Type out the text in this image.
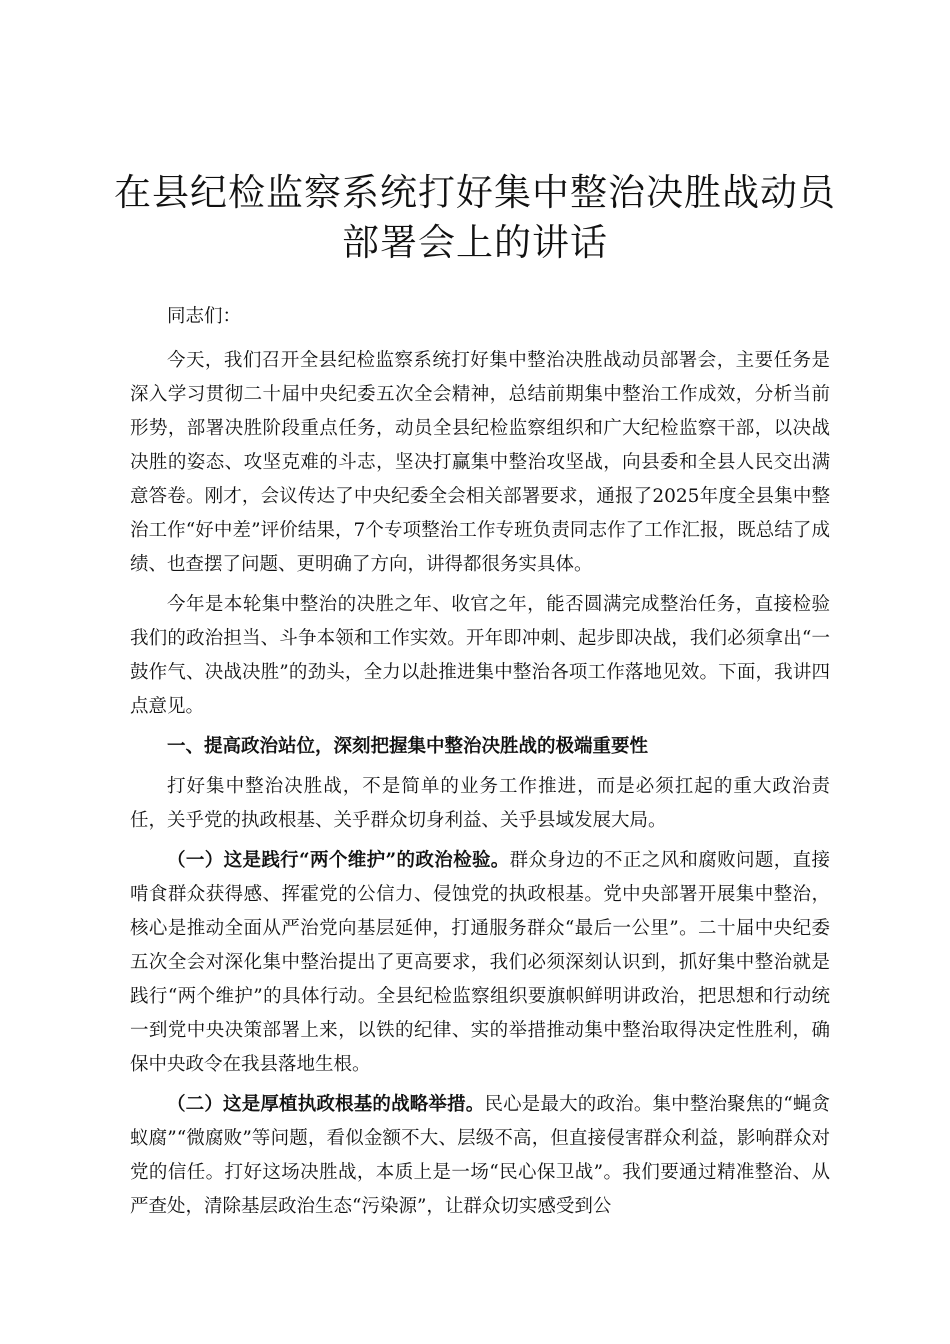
在县纪检监察系统打好集中整治决胜战动员部署会上的讲话

同志们：

今天，我们召开全县纪检监察系统打好集中整治决胜战动员部署会，主要任务是深入学习贯彻二十届中央纪委五次全会精神，总结前期集中整治工作成效，分析当前形势，部署决胜阶段重点任务，动员全县纪检监察组织和广大纪检监察干部，以决战决胜的姿态、攻坚克难的斗志，坚决打赢集中整治攻坚战，向县委和全县人民交出满意答卷。刚才，会议传达了中央纪委全会相关部署要求，通报了2025年度全县集中整治工作“好中差”评价结果，7个专项整治工作专班负责同志作了工作汇报，既总结了成绩、也查摆了问题、更明确了方向，讲得都很务实具体。

今年是本轮集中整治的决胜之年、收官之年，能否圆满完成整治任务，直接检验我们的政治担当、斗争本领和工作实效。开年即冲刺、起步即决战，我们必须拿出“一鼓作气、决战决胜”的劲头，全力以赴推进集中整治各项工作落地见效。下面，我讲四点意见。

一、提高政治站位，深刻把握集中整治决胜战的极端重要性

打好集中整治决胜战，不是简单的业务工作推进，而是必须扛起的重大政治责任，关乎党的执政根基、关乎群众切身利益、关乎县域发展大局。

（一）这是践行“两个维护”的政治检验。群众身边的不正之风和腐败问题，直接啃食群众获得感、挥霍党的公信力、侵蚀党的执政根基。党中央部署开展集中整治，核心是推动全面从严治党向基层延伸，打通服务群众“最后一公里”。二十届中央纪委五次全会对深化集中整治提出了更高要求，我们必须深刻认识到，抓好集中整治就是践行“两个维护”的具体行动。全县纪检监察组织要旗帜鲜明讲政治，把思想和行动统一到党中央决策部署上来，以铁的纪律、实的举措推动集中整治取得决定性胜利，确保中央政令在我县落地生根。

（二）这是厚植执政根基的战略举措。民心是最大的政治。集中整治聚焦的“蝇贪蚁腐”“微腐败”等问题，看似金额不大、层级不高，但直接侵害群众利益，影响群众对党的信任。打好这场决胜战，本质上是一场“民心保卫战”。我们要通过精准整治、从严查处，清除基层政治生态“污染源”，让群众切实感受到公
